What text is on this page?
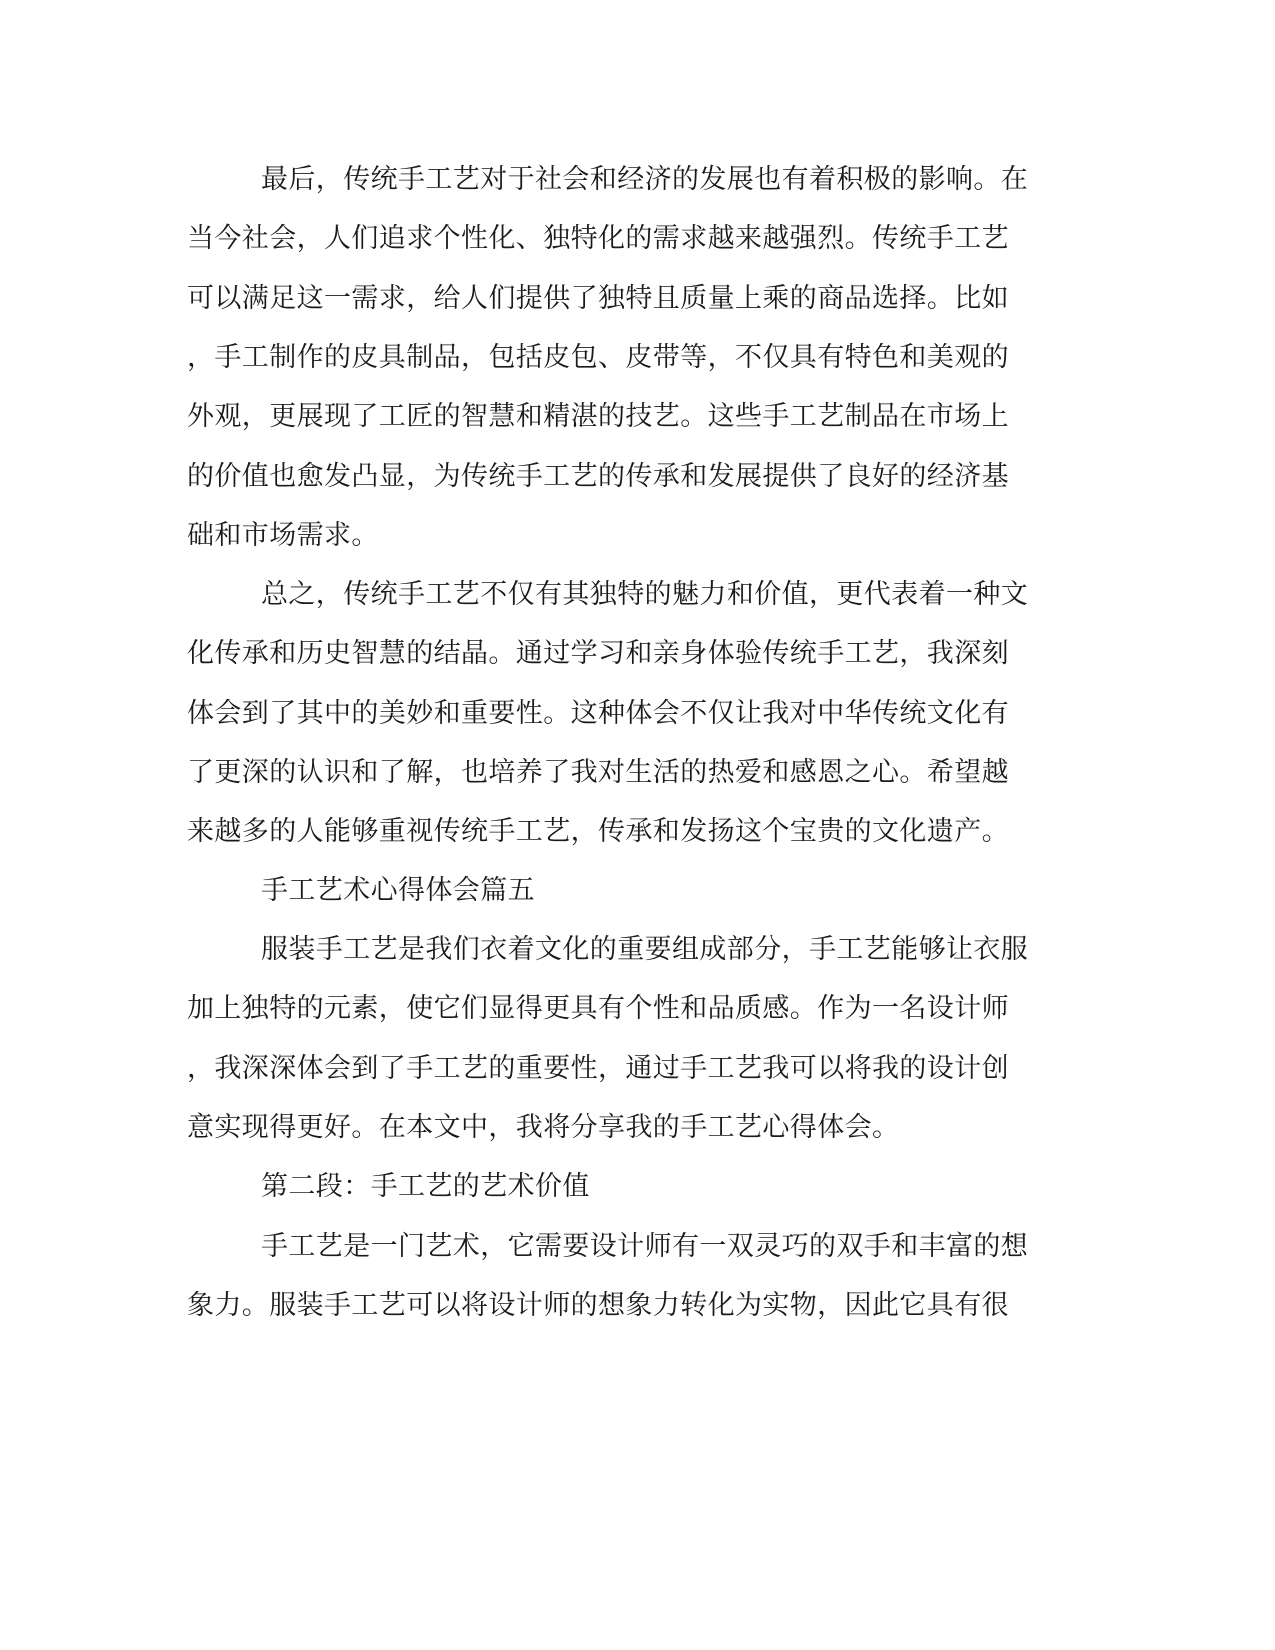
最后，传统手工艺对于社会和经济的发展也有着积极的影响。在
当今社会，人们追求个性化、独特化的需求越来越强烈。传统手工艺
可以满足这一需求，给人们提供了独特且质量上乘的商品选择。比如
，手工制作的皮具制品，包括皮包、皮带等，不仅具有特色和美观的
外观，更展现了工匠的智慧和精湛的技艺。这些手工艺制品在市场上
的价值也愈发凸显，为传统手工艺的传承和发展提供了良好的经济基
础和市场需求。
总之，传统手工艺不仅有其独特的魅力和价值，更代表着一种文
化传承和历史智慧的结晶。通过学习和亲身体验传统手工艺，我深刻
体会到了其中的美妙和重要性。这种体会不仅让我对中华传统文化有
了更深的认识和了解，也培养了我对生活的热爱和感恩之心。希望越
来越多的人能够重视传统手工艺，传承和发扬这个宝贵的文化遗产。
手工艺术心得体会篇五
服装手工艺是我们衣着文化的重要组成部分，手工艺能够让衣服
加上独特的元素，使它们显得更具有个性和品质感。作为一名设计师
，我深深体会到了手工艺的重要性，通过手工艺我可以将我的设计创
意实现得更好。在本文中，我将分享我的手工艺心得体会。
第二段：手工艺的艺术价值
手工艺是一门艺术，它需要设计师有一双灵巧的双手和丰富的想
象力。服装手工艺可以将设计师的想象力转化为实物，因此它具有很
